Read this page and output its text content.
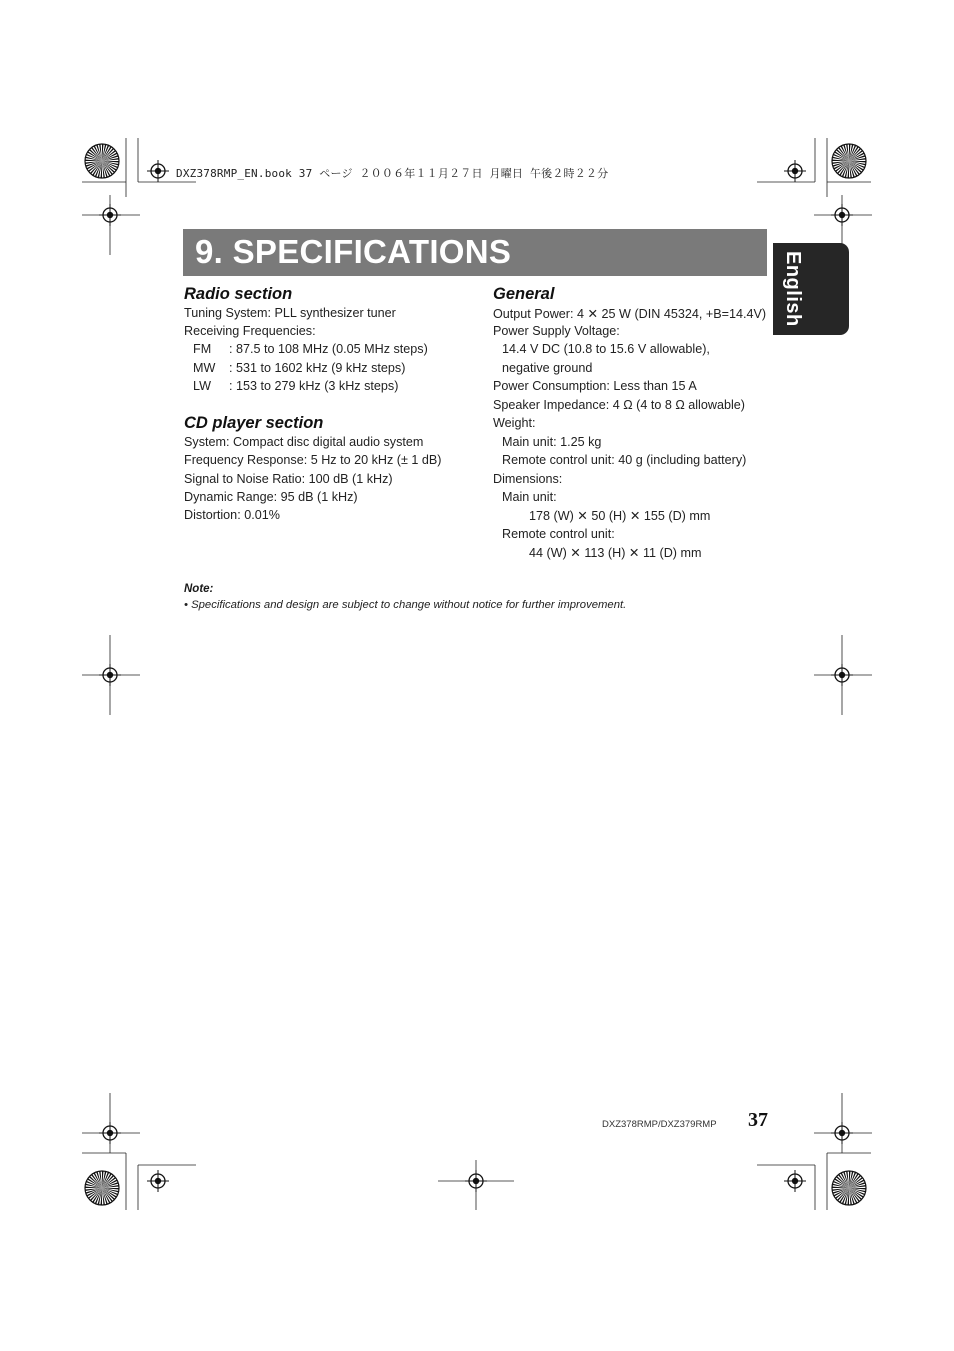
DXZ378RMP_EN.book 37 ページ ２００６年１１月２７日 月曜日 午後２時２２分
9. SPECIFICATIONS	English
Radio section
Tuning System: PLL synthesizer tuner
Receiving Frequencies:
FM : 87.5 to 108 MHz (0.05 MHz steps)
MW : 531 to 1602 kHz (9 kHz steps)
LW : 153 to 279 kHz (3 kHz steps)
CD player section
System: Compact disc digital audio system
Frequency Response: 5 Hz to 20 kHz (± 1 dB)
Signal to Noise Ratio: 100 dB (1 kHz)
Dynamic Range: 95 dB (1 kHz)
Distortion: 0.01%
General
Output Power: 4 ✕ 25 W (DIN 45324, +B=14.4V)
Power Supply Voltage:
14.4 V DC (10.8 to 15.6 V allowable),
negative ground
Power Consumption: Less than 15 A
Speaker Impedance: 4 Ω (4 to 8 Ω allowable)
Weight:
Main unit: 1.25 kg
Remote control unit: 40 g (including battery)
Dimensions:
Main unit:
178 (W) ✕ 50 (H) ✕ 155 (D) mm
Remote control unit:
44 (W) ✕ 113 (H) ✕ 11 (D) mm
Note:
• Specifications and design are subject to change without notice for further improvement.
DXZ378RMP/DXZ379RMP 37
